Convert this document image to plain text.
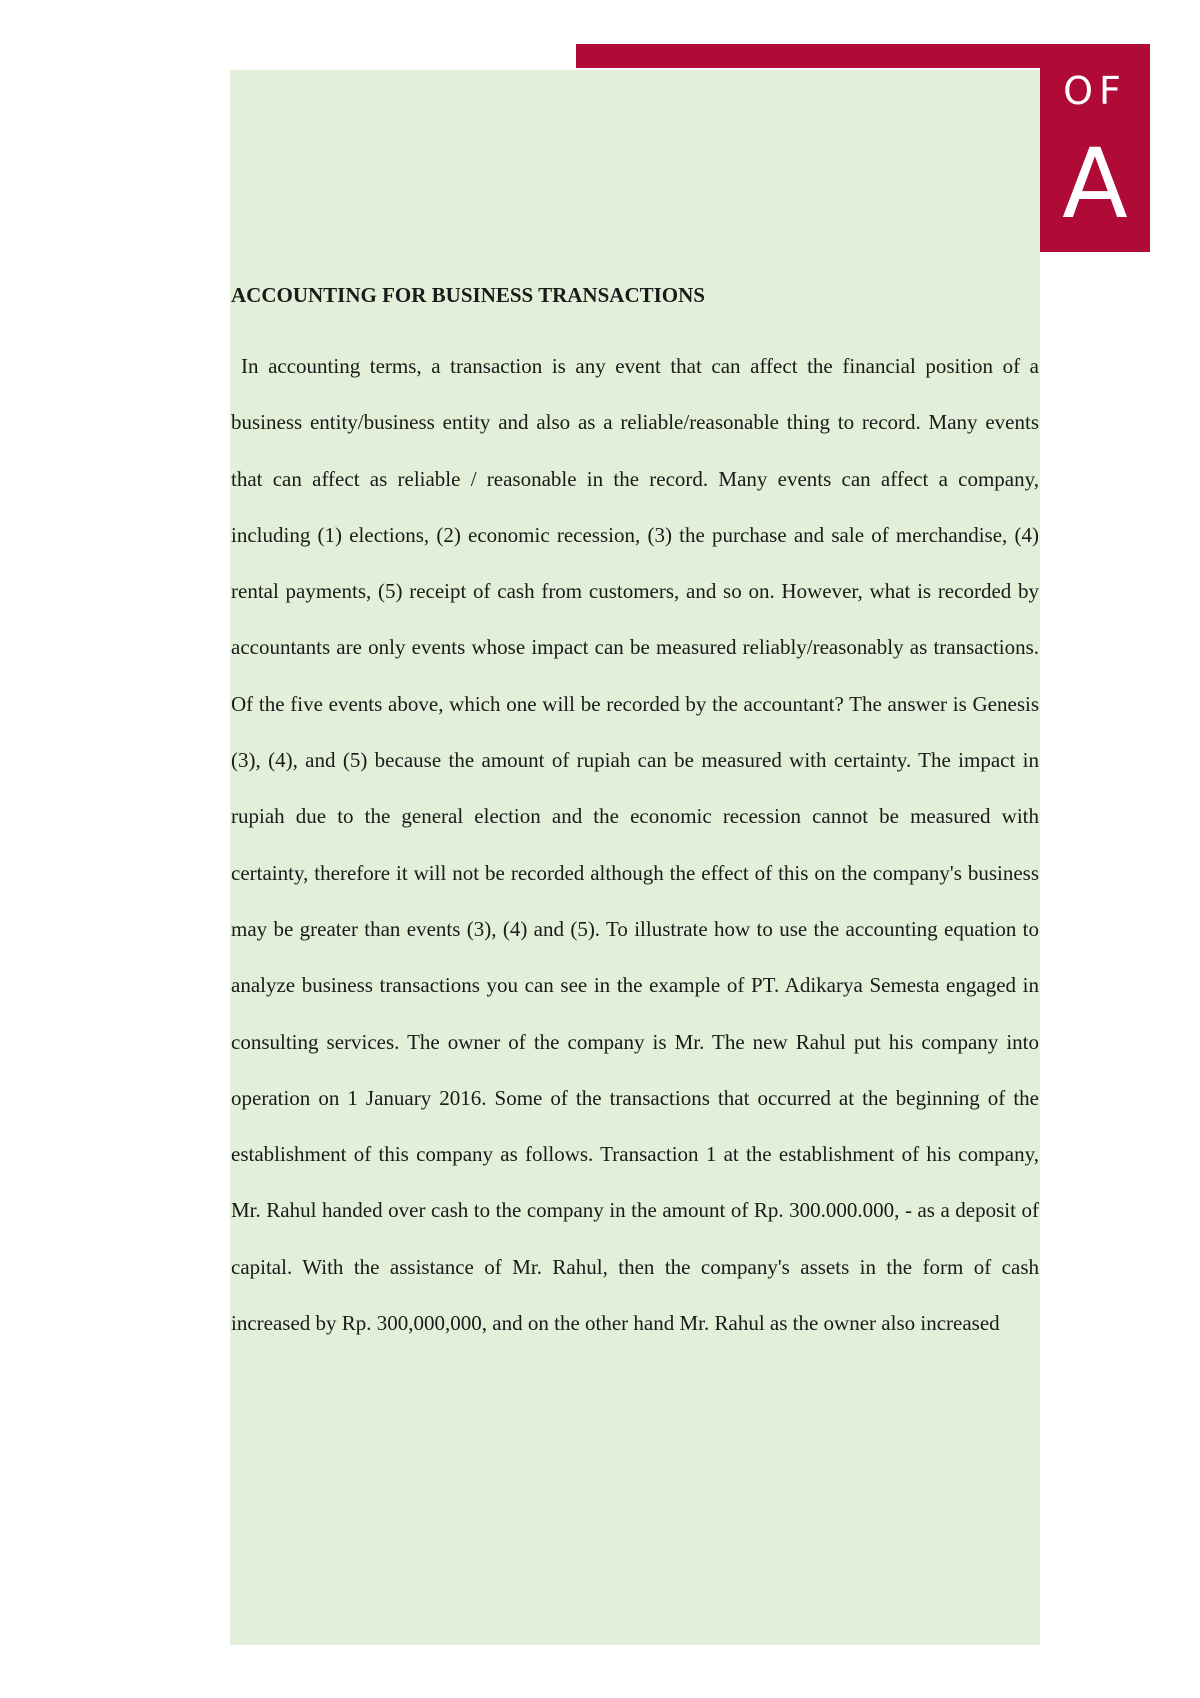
OF
A
ACCOUNTING FOR BUSINESS TRANSACTIONS

In accounting terms, a transaction is any event that can affect the financial position of a business entity/business entity and also as a reliable/reasonable thing to record. Many events that can affect as reliable / reasonable in the record. Many events can affect a company, including (1) elections, (2) economic recession, (3) the purchase and sale of merchandise, (4) rental payments, (5) receipt of cash from customers, and so on. However, what is recorded by accountants are only events whose impact can be measured reliably/reasonably as transactions. Of the five events above, which one will be recorded by the accountant? The answer is Genesis (3), (4), and (5) because the amount of rupiah can be measured with certainty. The impact in rupiah due to the general election and the economic recession cannot be measured with certainty, therefore it will not be recorded although the effect of this on the company's business may be greater than events (3), (4) and (5). To illustrate how to use the accounting equation to analyze business transactions you can see in the example of PT. Adikarya Semesta engaged in consulting services. The owner of the company is Mr. The new Rahul put his company into operation on 1 January 2016. Some of the transactions that occurred at the beginning of the establishment of this company as follows. Transaction 1 at the establishment of his company, Mr. Rahul handed over cash to the company in the amount of Rp. 300.000.000, - as a deposit of capital. With the assistance of Mr. Rahul, then the company's assets in the form of cash increased by Rp. 300,000,000, and on the other hand Mr. Rahul as the owner also increased
